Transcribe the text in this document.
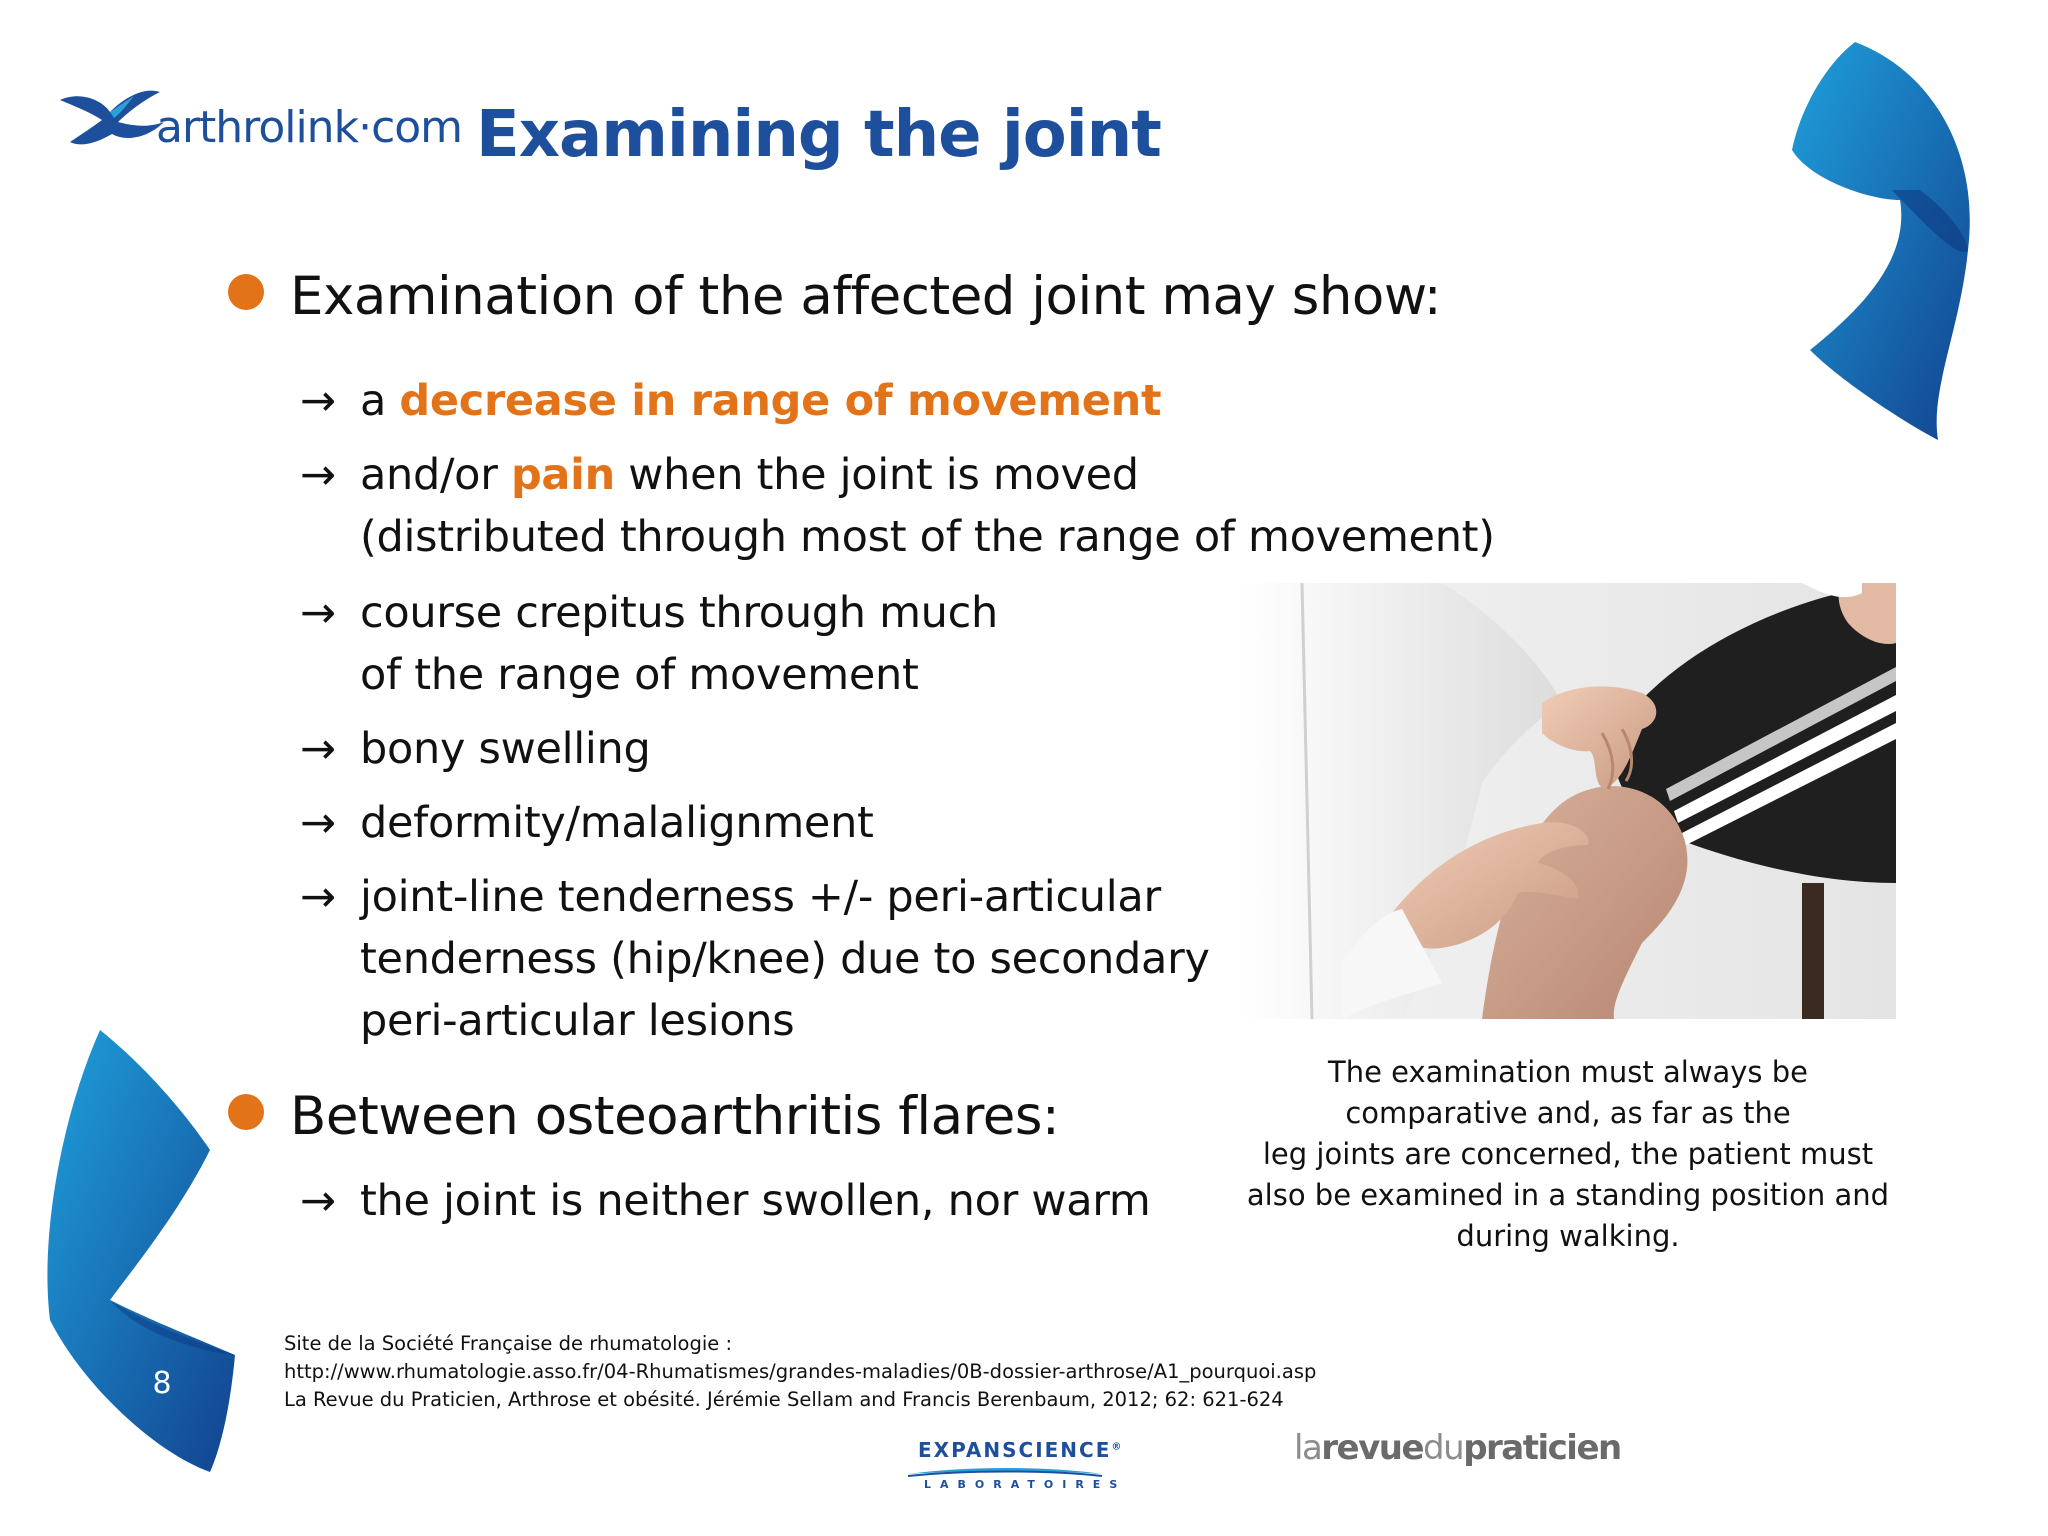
arthrolink·com Examining the joint
Examination of the affected joint may show:
→ a decrease in range of movement
→ and/or pain when the joint is moved
(distributed through most of the range of movement)
→ course crepitus through much
of the range of movement
→ bony swelling
→ deformity/malalignment
→ joint-line tenderness +/- peri-articular
tenderness (hip/knee) due to secondary
peri-articular lesions
Between osteoarthritis flares:
→ the joint is neither swollen, nor warm
The examination must always be
comparative and, as far as the
leg joints are concerned, the patient must
also be examined in a standing position and
during walking.
8
Site de la Société Française de rhumatologie :
http://www.rhumatologie.asso.fr/04-Rhumatismes/grandes-maladies/0B-dossier-arthrose/A1_pourquoi.asp
La Revue du Praticien, Arthrose et obésité. Jérémie Sellam and Francis Berenbaum, 2012; 62: 621-624
EXPANSCIENCE®
LABORATOIRES
larevuedupraticien
